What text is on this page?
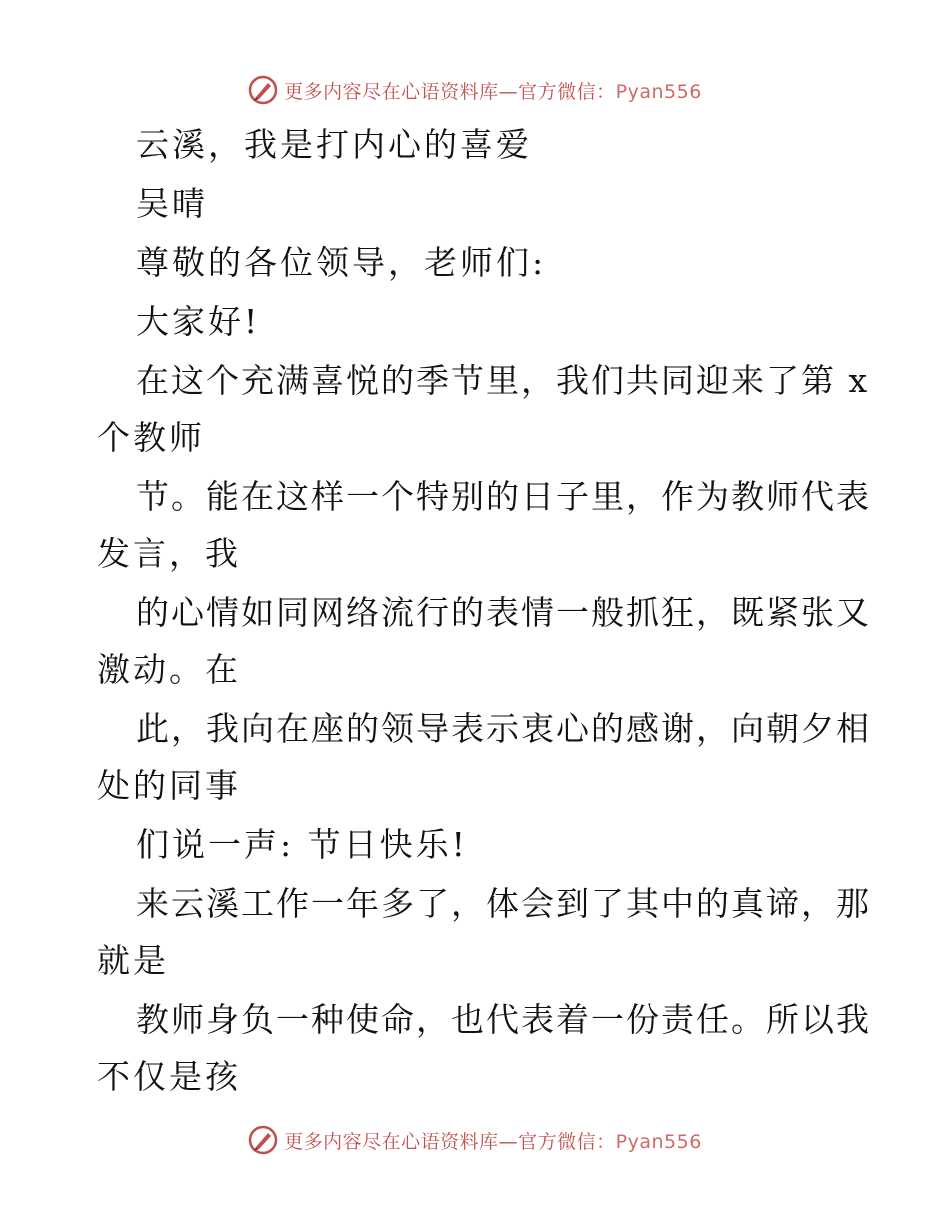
更多内容尽在心语资料库—官方微信：Pyan556
云溪，我是打内心的喜爱
吴晴
尊敬的各位领导，老师们:
大家好!
在这个充满喜悦的季节里，我们共同迎来了第 x
个教师
节。能在这样一个特别的日子里，作为教师代表
发言，我
的心情如同网络流行的表情一般抓狂，既紧张又
激动。在
此，我向在座的领导表示衷心的感谢，向朝夕相
处的同事
们说一声: 节日快乐!
来云溪工作一年多了，体会到了其中的真谛，那
就是
教师身负一种使命，也代表着一份责任。所以我
不仅是孩
更多内容尽在心语资料库—官方微信：Pyan556
